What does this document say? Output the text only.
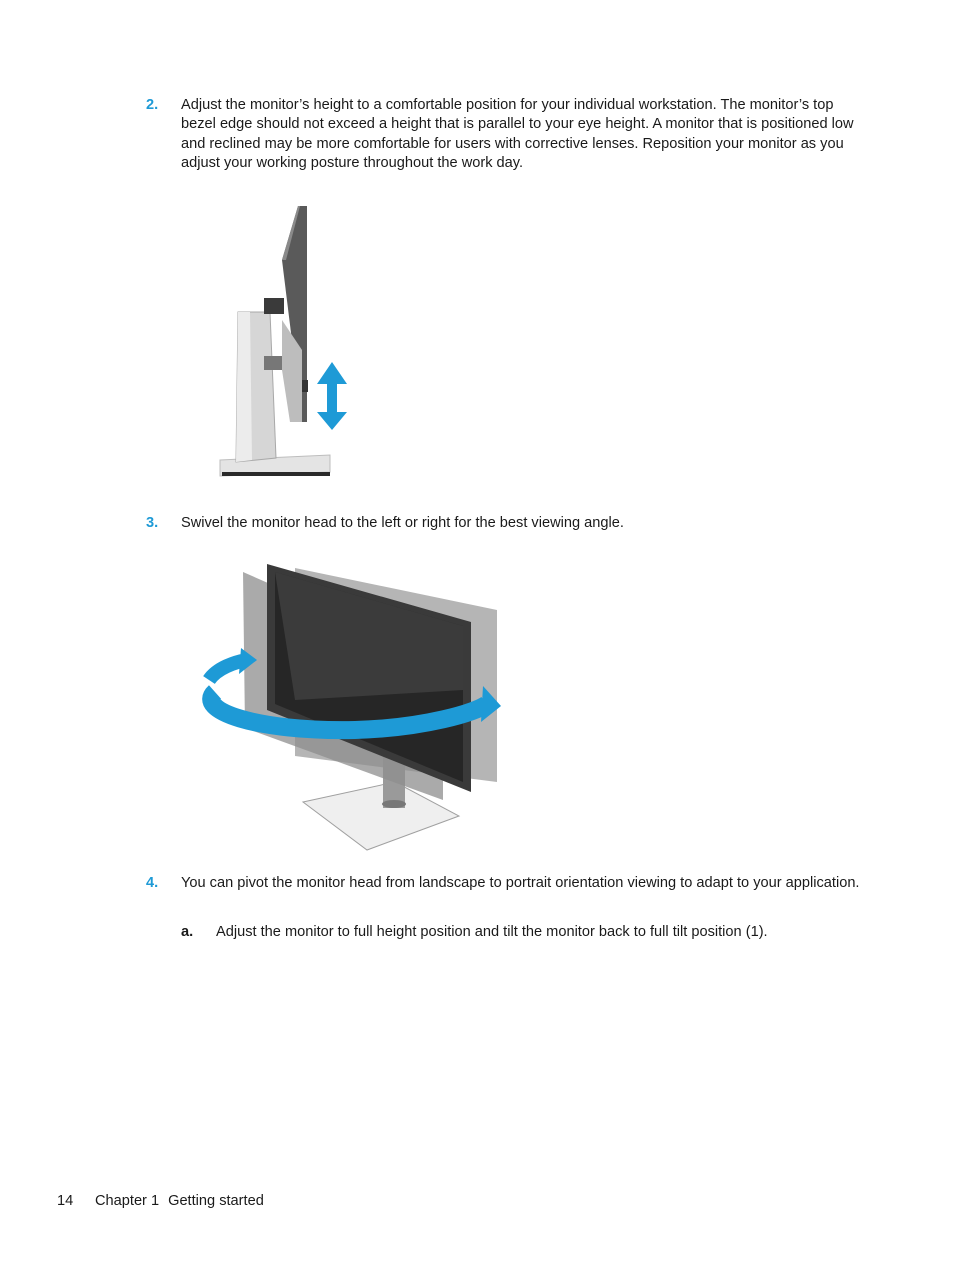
2. Adjust the monitor’s height to a comfortable position for your individual workstation. The monitor’s top bezel edge should not exceed a height that is parallel to your eye height. A monitor that is positioned low and reclined may be more comfortable for users with corrective lenses. Reposition your monitor as you adjust your working posture throughout the work day.
3. Swivel the monitor head to the left or right for the best viewing angle.
4. You can pivot the monitor head from landscape to portrait orientation viewing to adapt to your application.
a. Adjust the monitor to full height position and tilt the monitor back to full tilt position (1).
14 Chapter 1 Getting started
